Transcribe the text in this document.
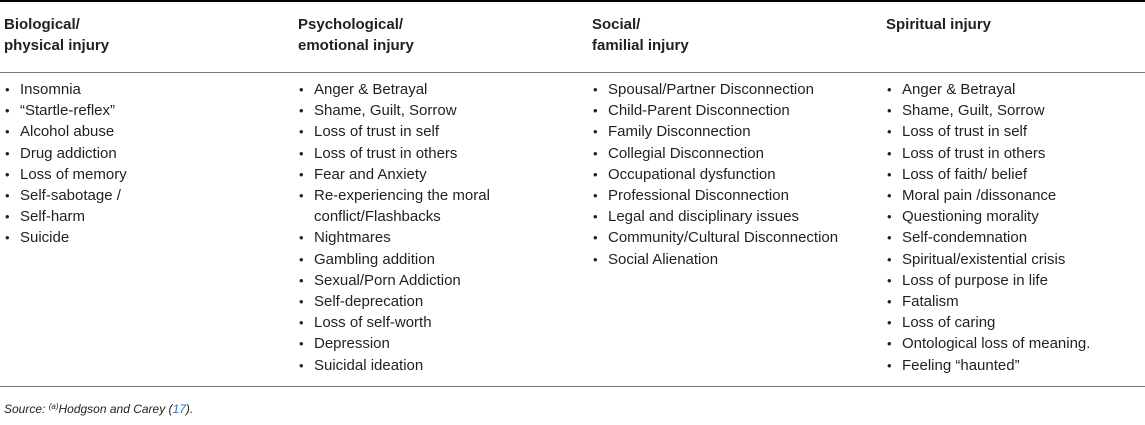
Biological/
physical injury
• Insomnia
• “Startle-reflex”
• Alcohol abuse
• Drug addiction
• Loss of memory
• Self-sabotage /
• Self-harm
• Suicide
Psychological/
emotional injury
• Anger & Betrayal
• Shame, Guilt, Sorrow
• Loss of trust in self
• Loss of trust in others
• Fear and Anxiety
• Re-experiencing the moral
conflict/Flashbacks
• Nightmares
• Gambling addition
• Sexual/Porn Addiction
• Self-deprecation
• Loss of self-worth
• Depression
• Suicidal ideation
Social/
familial injury
• Spousal/Partner Disconnection
• Child-Parent Disconnection
• Family Disconnection
• Collegial Disconnection
• Occupational dysfunction
• Professional Disconnection
• Legal and disciplinary issues
• Community/Cultural Disconnection
• Social Alienation
Spiritual injury
• Anger & Betrayal
• Shame, Guilt, Sorrow
• Loss of trust in self
• Loss of trust in others
• Loss of faith/ belief
• Moral pain /dissonance
• Questioning morality
• Self-condemnation
• Spiritual/existential crisis
• Loss of purpose in life
• Fatalism
• Loss of caring
• Ontological loss of meaning.
• Feeling “haunted”
Source: $^{(a)}$Hodgson and Carey (17).
